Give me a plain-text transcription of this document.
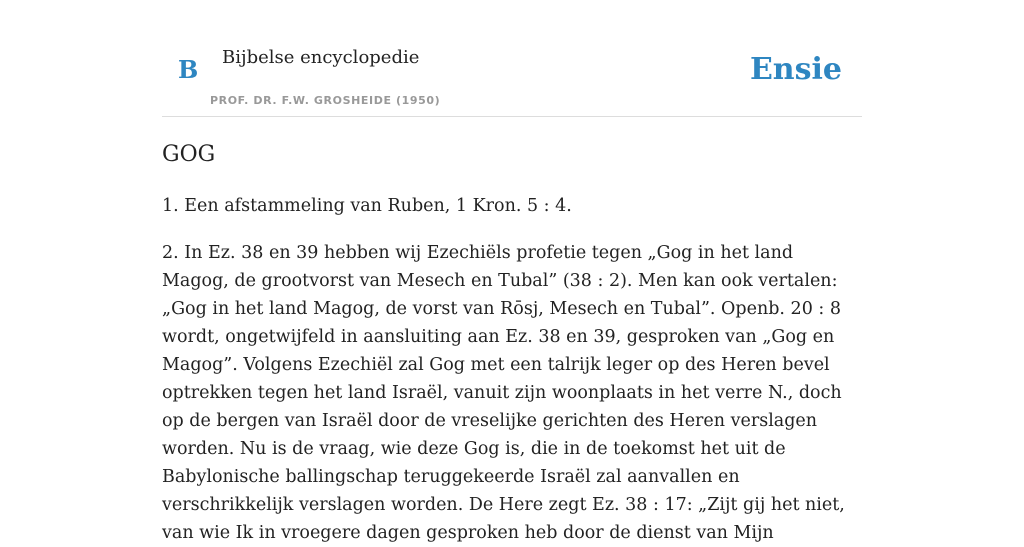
B Bijbelse encyclopedie
PROF. DR. F.W. GROSHEIDE (1950)
Ensie
GOG

1. Een afstammeling van Ruben, 1 Kron. 5 : 4.

2. In Ez. 38 en 39 hebben wij Ezechiëls profetie tegen „Gog in het land Magog, de grootvorst van Mesech en Tubal” (38 : 2). Men kan ook vertalen: „Gog in het land Magog, de vorst van Rōsj, Mesech en Tubal”. Openb. 20 : 8 wordt, ongetwijfeld in aansluiting aan Ez. 38 en 39, gesproken van „Gog en Magog”. Volgens Ezechiël zal Gog met een talrijk leger op des Heren bevel optrekken tegen het land Israël, vanuit zijn woonplaats in het verre N., doch op de bergen van Israël door de vreselijke gerichten des Heren verslagen worden. Nu is de vraag, wie deze Gog is, die in de toekomst het uit de Babylonische ballingschap teruggekeerde Israël zal aanvallen en verschrikkelijk verslagen worden. De Here zegt Ez. 38 : 17: „Zijt gij het niet, van wie Ik in vroegere dagen gesproken heb door de dienst van Mijn
